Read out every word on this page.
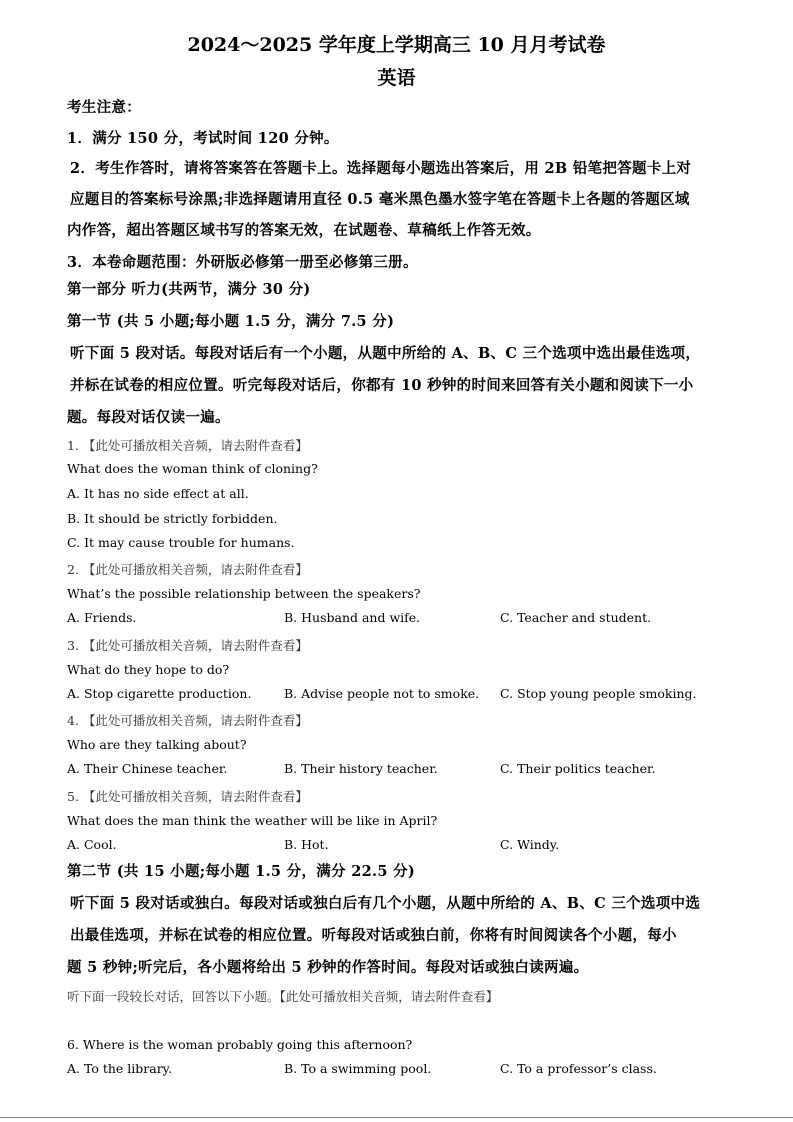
2024～2025 学年度上学期高三 10 月月考试卷
英语
考生注意：
1．满分 150 分，考试时间 120 分钟。
2．考生作答时，请将答案答在答题卡上。选择题每小题选出答案后，用 2B 铅笔把答题卡上对
应题目的答案标号涂黑;非选择题请用直径 0.5 毫米黑色墨水签字笔在答题卡上各题的答题区域
内作答，超出答题区域书写的答案无效，在试题卷、草稿纸上作答无效。
3．本卷命题范围：外研版必修第一册至必修第三册。
第一部分 听力(共两节，满分 30 分)
第一节 (共 5 小题;每小题 1.5 分，满分 7.5 分)
听下面 5 段对话。每段对话后有一个小题，从题中所给的 A、B、C 三个选项中选出最佳选项，
并标在试卷的相应位置。听完每段对话后，你都有 10 秒钟的时间来回答有关小题和阅读下一小
题。每段对话仅读一遍。
1. 【此处可播放相关音频，请去附件查看】
What does the woman think of cloning?
A. It has no side effect at all.
B. It should be strictly forbidden.
C. It may cause trouble for humans.
2. 【此处可播放相关音频，请去附件查看】
What’s the possible relationship between the speakers?
A. Friends.	B. Husband and wife.	C. Teacher and student.
3. 【此处可播放相关音频，请去附件查看】
What do they hope to do?
A. Stop cigarette production.	B. Advise people not to smoke. C. Stop young people smoking.
4. 【此处可播放相关音频，请去附件查看】
Who are they talking about?
A. Their Chinese teacher.	B. Their history teacher.	C. Their politics teacher.
5. 【此处可播放相关音频，请去附件查看】
What does the man think the weather will be like in April?
A. Cool.	B. Hot.	C. Windy.
第二节 (共 15 小题;每小题 1.5 分，满分 22.5 分)
听下面 5 段对话或独白。每段对话或独白后有几个小题，从题中所给的 A、B、C 三个选项中选
出最佳选项，并标在试卷的相应位置。听每段对话或独白前，你将有时间阅读各个小题，每小
题 5 秒钟;听完后，各小题将给出 5 秒钟的作答时间。每段对话或独白读两遍。
听下面一段较长对话，回答以下小题。【此处可播放相关音频，请去附件查看】
6. Where is the woman probably going this afternoon?
A. To the library.	B. To a swimming pool.	C. To a professor’s class.
